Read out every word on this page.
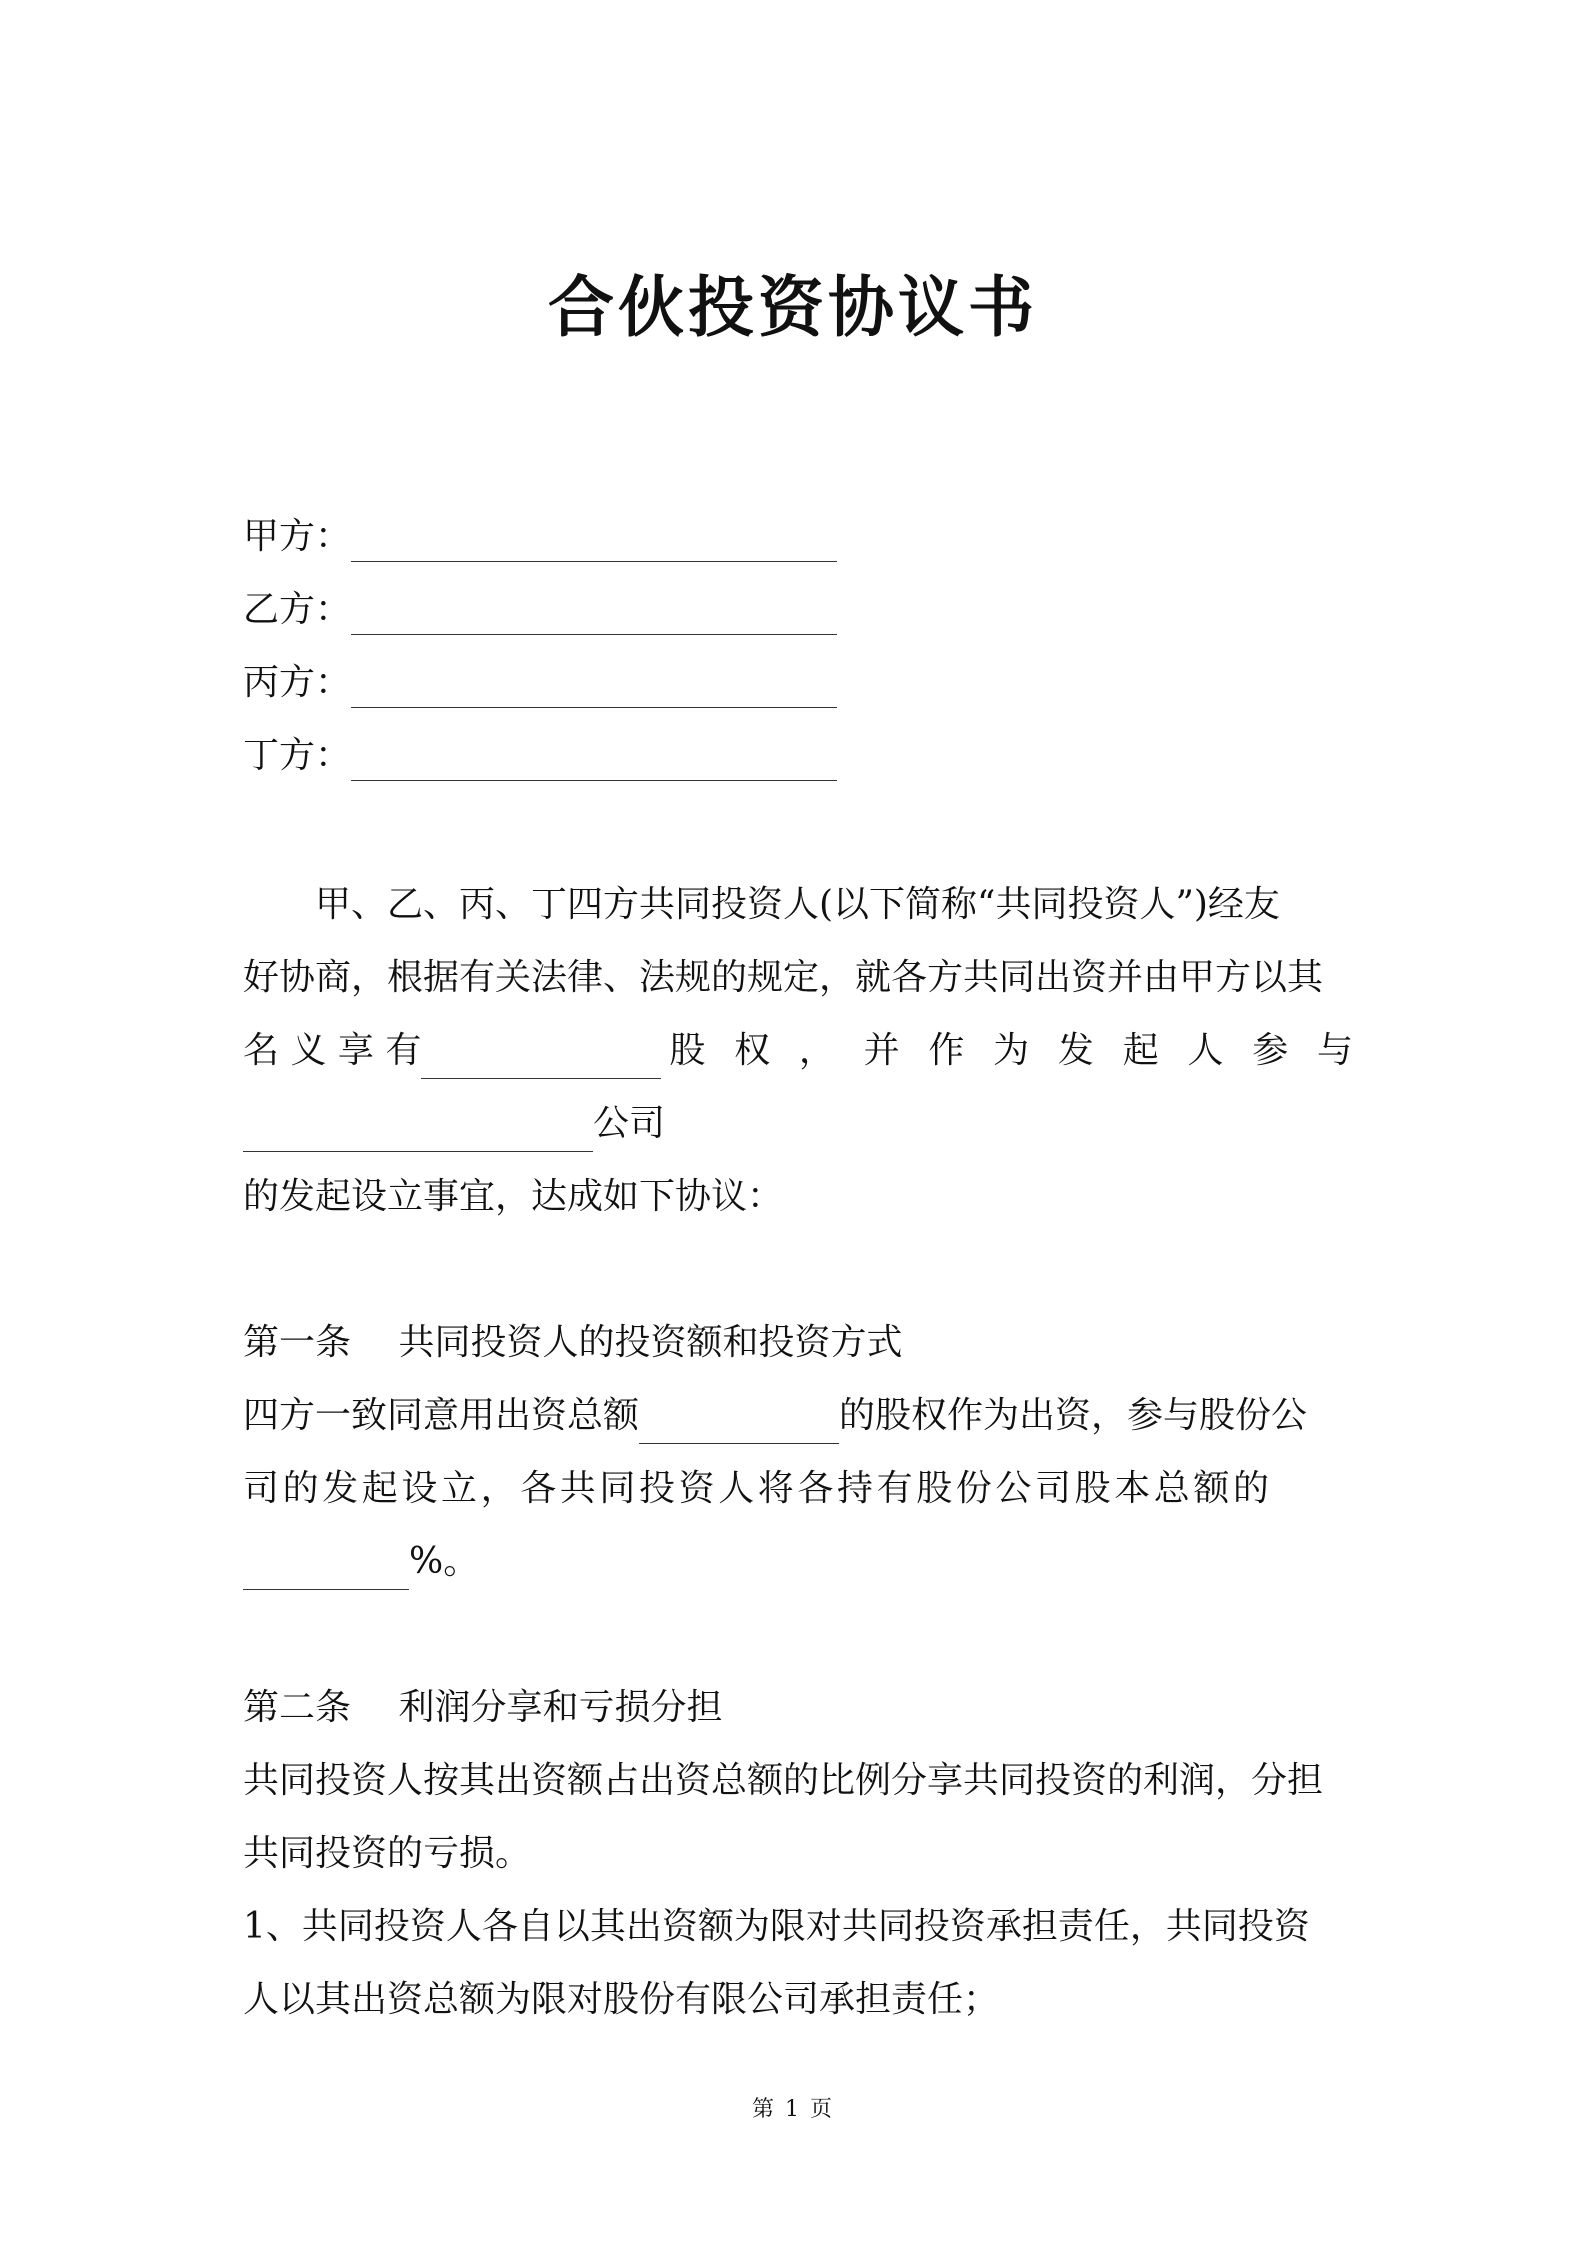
合伙投资协议书
甲方：
乙方：
丙方：
丁方：
甲、乙、丙、丁四方共同投资人(以下简称“共同投资人”)经友
好协商，根据有关法律、法规的规定，就各方共同出资并由甲方以其
名 义 享 有	股 权 ， 并 作 为 发 起 人 参 与
公司
的发起设立事宜，达成如下协议：
第一条 共同投资人的投资额和投资方式
四方一致同意用出资总额	的股权作为出资，参与股份公
司的发起设立，各共同投资人将各持有股份公司股本总额的
%。
第二条 利润分享和亏损分担
共同投资人按其出资额占出资总额的比例分享共同投资的利润，分担
共同投资的亏损。
1、共同投资人各自以其出资额为限对共同投资承担责任，共同投资
人以其出资总额为限对股份有限公司承担责任；
第 1 页
